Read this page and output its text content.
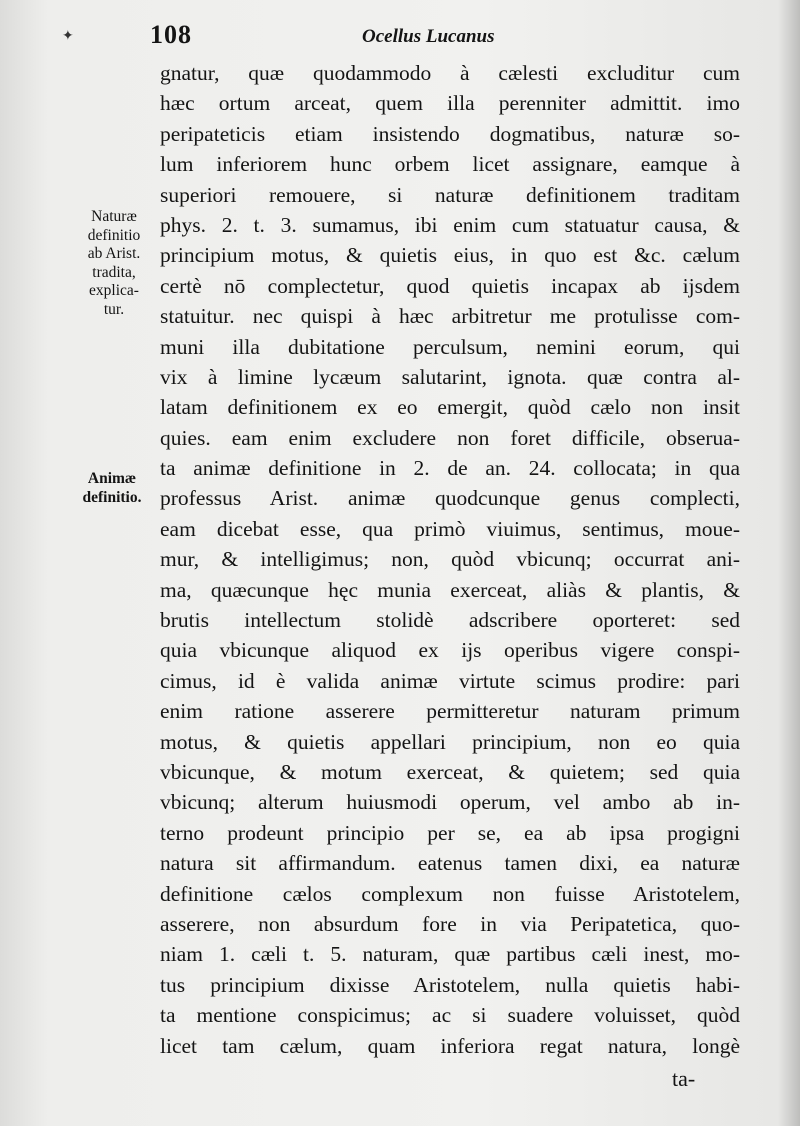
✦	108	Ocellus Lucanus
Naturæ
definitio
ab Arist.
tradita,
explica-
tur.
Animæ
definitio.
gnatur, quæ quodammodo à cælesti excluditur cum
hæc ortum arceat, quem illa perenniter admittit. imo
peripateticis etiam insistendo dogmatibus, naturæ so-
lum inferiorem hunc orbem licet assignare, eamque à
superiori remouere, si naturæ definitionem traditam
phys. 2. t. 3. sumamus, ibi enim cum statuatur causa, &
principium motus, & quietis eius, in quo est &c. cælum
certè nō complectetur, quod quietis incapax ab ijsdem
statuitur. nec quispi à hæc arbitretur me protulisse com-
muni illa dubitatione perculsum, nemini eorum, qui
vix à limine lycæum salutarint, ignota. quæ contra al-
latam definitionem ex eo emergit, quòd cælo non insit
quies. eam enim excludere non foret difficile, obserua-
ta animæ definitione in 2. de an. 24. collocata; in qua
professus Arist. animæ quodcunque genus complecti,
eam dicebat esse, qua primò viuimus, sentimus, moue-
mur, & intelligimus; non, quòd vbicunq; occurrat ani-
ma, quæcunque hęc munia exerceat, aliàs & plantis, &
brutis intellectum stolidè adscribere oporteret: sed
quia vbicunque aliquod ex ijs operibus vigere conspi-
cimus, id è valida animæ virtute scimus prodire: pari
enim ratione asserere permitteretur naturam primum
motus, & quietis appellari principium, non eo quia
vbicunque, & motum exerceat, & quietem; sed quia
vbicunq; alterum huiusmodi operum, vel ambo ab in-
terno prodeunt principio per se, ea ab ipsa progigni
natura sit affirmandum. eatenus tamen dixi, ea naturæ
definitione cælos complexum non fuisse Aristotelem,
asserere, non absurdum fore in via Peripatetica, quo-
niam 1. cæli t. 5. naturam, quæ partibus cæli inest, mo-
tus principium dixisse Aristotelem, nulla quietis habi-
ta mentione conspicimus; ac si suadere voluisset, quòd
licet tam cælum, quam inferiora regat natura, longè
ta-
